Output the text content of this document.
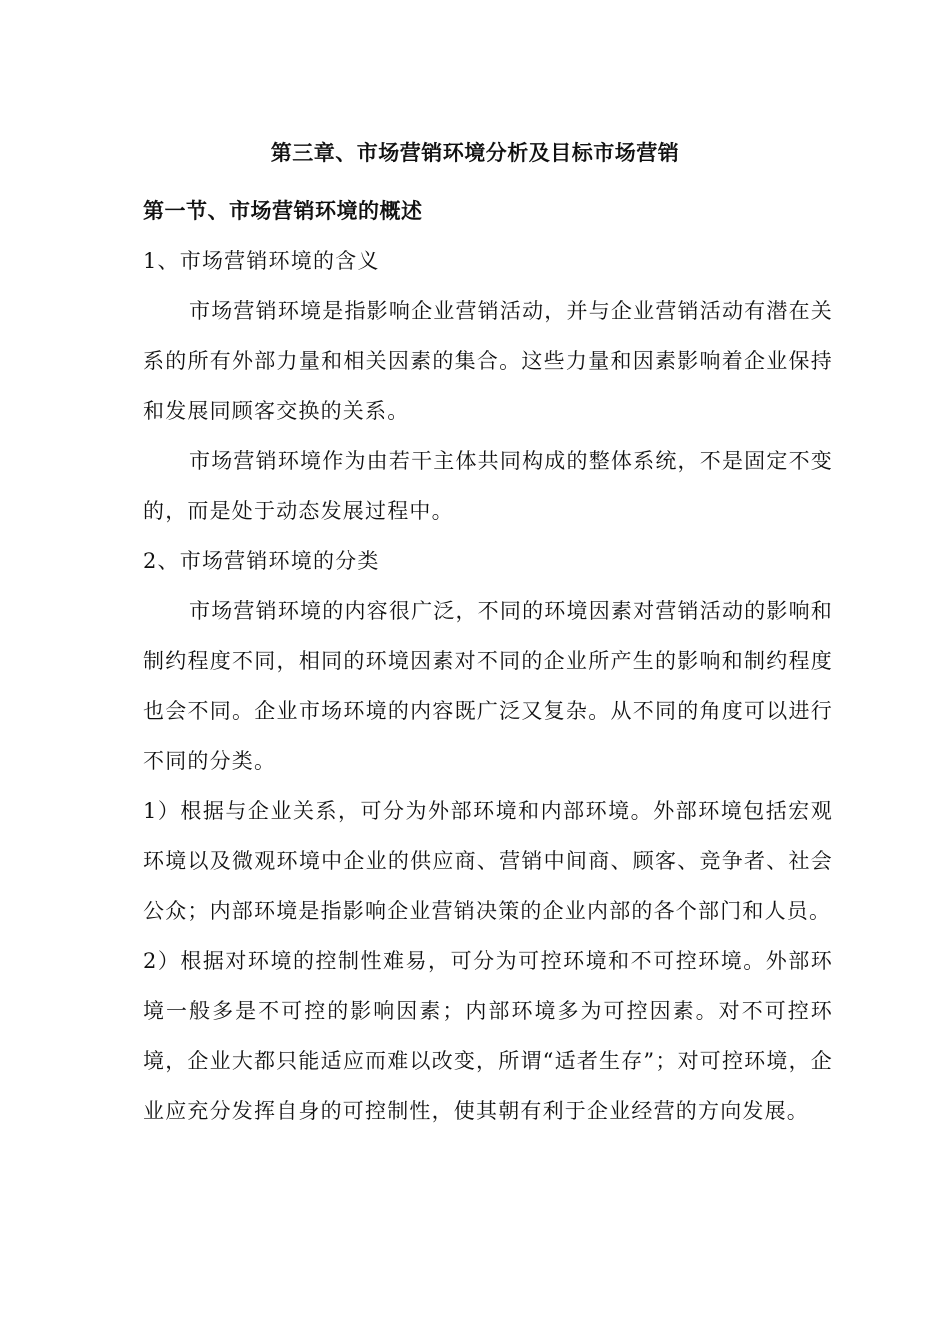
第三章、市场营销环境分析及目标市场营销

第一节、市场营销环境的概述

1、市场营销环境的含义

市场营销环境是指影响企业营销活动，并与企业营销活动有潜在关系的所有外部力量和相关因素的集合。这些力量和因素影响着企业保持和发展同顾客交换的关系。

市场营销环境作为由若干主体共同构成的整体系统，不是固定不变的，而是处于动态发展过程中。

2、市场营销环境的分类

市场营销环境的内容很广泛，不同的环境因素对营销活动的影响和制约程度不同，相同的环境因素对不同的企业所产生的影响和制约程度也会不同。企业市场环境的内容既广泛又复杂。从不同的角度可以进行不同的分类。

1）根据与企业关系，可分为外部环境和内部环境。外部环境包括宏观环境以及微观环境中企业的供应商、营销中间商、顾客、竞争者、社会公众；内部环境是指影响企业营销决策的企业内部的各个部门和人员。

2）根据对环境的控制性难易，可分为可控环境和不可控环境。外部环境一般多是不可控的影响因素；内部环境多为可控因素。对不可控环境，企业大都只能适应而难以改变，所谓“适者生存”；对可控环境，企业应充分发挥自身的可控制性，使其朝有利于企业经营的方向发展。
